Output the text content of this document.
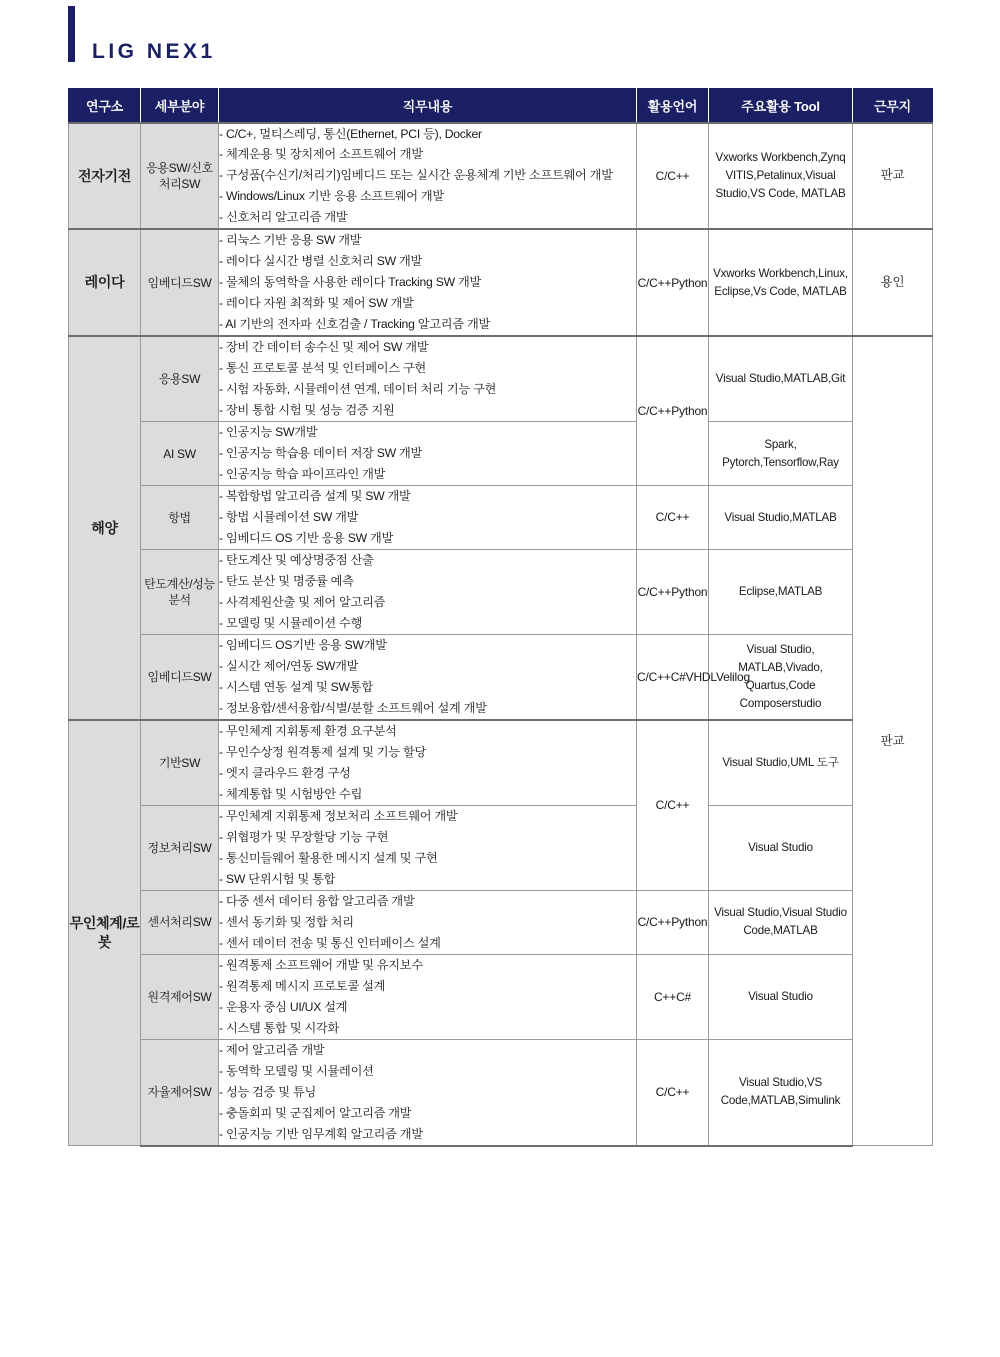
LIG NEX1
연구소	세부분야	직무내용	활용언어	주요활용 Tool	근무지
전자기전	응용SW/신호처리SW	
- C/C+, 멀티스레딩, 통신(Ethernet, PCI 등), Docker
- 체계운용 및 장치제어 소프트웨어 개발
- 구성품(수신기/처리기)임베디드 또는 실시간 운용체계 기반 소프트웨어 개발
- Windows/Linux 기반 응용 소프트웨어 개발
- 신호처리 알고리즘 개발
	C/C++	Vxworks Workbench,Zynq VITIS,Petalinux,Visual Studio,VS Code, MATLAB	판교
레이다	임베디드SW	
- 리눅스 기반 응용 SW 개발
- 레이다 실시간 병렬 신호처리 SW 개발
- 물체의 동역학을 사용한 레이다 Tracking SW 개발
- 레이다 자원 최적화 및 제어 SW 개발
- AI 기반의 전자파 신호검출 / Tracking 알고리즘 개발
	C/C++Python	Vxworks Workbench,Linux, Eclipse,Vs Code, MATLAB	용인
해양	응용SW	
- 장비 간 데이터 송수신 및 제어 SW 개발
- 통신 프로토콜 분석 및 인터페이스 구현
- 시험 자동화, 시뮬레이션 연계, 데이터 처리 기능 구현
- 장비 통합 시험 및 성능 검증 지원	C/C++Python	Visual Studio,MATLAB,Git	판교
AI SW	
- 인공지능 SW개발
- 인공지능 학습용 데이터 저장 SW 개발
- 인공지능 학습 파이프라인 개발
	Spark, Pytorch,Tensorflow,Ray
항법	
- 복합항법 알고리즘 설계 및 SW 개발
- 항법 시뮬레이션 SW 개발
- 임베디드 OS 기반 응용 SW 개발
	C/C++	Visual Studio,MATLAB
탄도계산/성능분석	
- 탄도계산 및 예상명중점 산출
- 탄도 분산 및 명중률 예측
- 사격제원산출 및 제어 알고리즘
- 모델링 및 시뮬레이션 수행
	C/C++Python	Eclipse,MATLAB
임베디드SW	
- 임베디드 OS기반 응용 SW개발
- 실시간 제어/연동 SW개발
- 시스템 연동 설계 및 SW통합
- 정보융합/센서융합/식별/분할 소프트웨어 설계 개발
	C/C++C#VHDLVelilog	Visual Studio, MATLAB,Vivado, Quartus,Code Composerstudio
무인체계/로봇	기반SW	
- 무인체계 지휘통제 환경 요구분석
- 무인수상정 원격통제 설계 및 기능 할당
- 엣지 클라우드 환경 구성
- 체계통합 및 시험방안 수립
	C/C++	Visual Studio,UML 도구
정보처리SW	
- 무인체계 지휘통제 정보처리 소프트웨어 개발
- 위협평가 및 무장할당 기능 구현
- 통신미들웨어 활용한 메시지 설계 및 구현
- SW 단위시험 및 통합
	Visual Studio
센서처리SW	
- 다중 센서 데이터 융합 알고리즘 개발
- 센서 동기화 및 정합 처리
- 센서 데이터 전송 및 통신 인터페이스 설계
	C/C++Python	Visual Studio,Visual Studio Code,MATLAB
원격제어SW	
- 원격통제 소프트웨어 개발 및 유지보수
- 원격통제 메시지 프로토콜 설계
- 운용자 중심 UI/UX 설계
- 시스템 통합 및 시각화
	C++C#	Visual Studio
자율제어SW	
- 제어 알고리즘 개발
- 동역학 모델링 및 시뮬레이션
- 성능 검증 및 튜닝
- 충돌회피 및 군집제어 알고리즘 개발
- 인공지능 기반 임무계획 알고리즘 개발
	C/C++	Visual Studio,VS Code,MATLAB,Simulink
